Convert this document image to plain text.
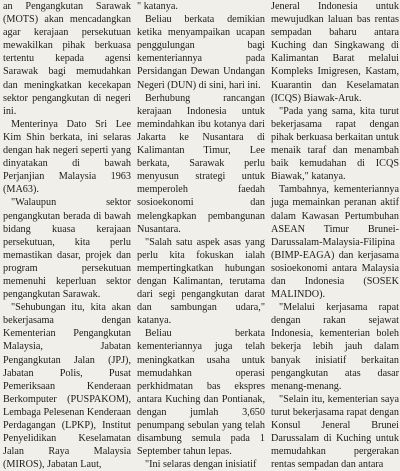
an Pengangkutan Sarawak (MOTS) akan mencadangkan agar kerajaan persekutuan mewakilkan pihak berkuasa tertentu kepada agensi Sarawak bagi memudahkan dan meningkatkan kecekapan sektor pengangkutan di negeri ini.

Menterinya Dato Sri Lee Kim Shin berkata, ini selaras dengan hak negeri seperti yang dinyatakan di bawah Perjanjian Malaysia 1963 (MA63).

"Walaupun sektor pengangkutan berada di bawah bidang kuasa kerajaan persekutuan, kita perlu memastikan dasar, projek dan program persekutuan memenuhi keperluan sektor pengangkutan Sarawak.

"Sehubungan itu, kita akan bekerjasama dengan Kementerian Pengangkutan Malaysia, Jabatan Pengangkutan Jalan (JPJ), Jabatan Polis, Pusat Pemeriksaan Kenderaan Berkomputer (PUSPAKOM), Lembaga Pelesenan Kenderaan Perdagangan (LPKP), Institut Penyelidikan Keselamatan Jalan Raya Malaysia (MIROS), Jabatan Laut,

" katanya.

Beliau berkata demikian ketika menyampaikan ucapan penggulungan bagi kementeriannya pada Persidangan Dewan Undangan Negeri (DUN) di sini, hari ini.

Berhubung rancangan kerajaan Indonesia untuk memindahkan ibu kotanya dari Jakarta ke Nusantara di Kalimantan Timur, Lee berkata, Sarawak perlu menyusun strategi untuk memperoleh faedah sosioekonomi dan melengkapkan pembangunan Nusantara.

"Salah satu aspek asas yang perlu kita fokuskan ialah mempertingkatkan hubungan dengan Kalimantan, terutama dari segi pengangkutan darat dan sambungan udara," katanya.

Beliau berkata kementeriannya juga telah meningkatkan usaha untuk memudahkan operasi perkhidmatan bas ekspres antara Kuching dan Pontianak, dengan jumlah 3,650 penumpang sebulan yang telah disambung semula pada 1 September tahun lepas.

"Ini selaras dengan inisiatif

Jeneral Indonesia untuk mewujudkan laluan bas rentas sempadan baharu antara Kuching dan Singkawang di Kalimantan Barat melalui Kompleks Imigresen, Kastam, Kuarantin dan Keselamatan (ICQS) Biawak-Aruk.

"Pada yang sama, kita turut bekerjasama rapat dengan pihak berkuasa berkaitan untuk menaik taraf dan menambah baik kemudahan di ICQS Biawak," katanya.

Tambahnya, kementeriannya juga memainkan peranan aktif dalam Kawasan Pertumbuhan ASEAN Timur Brunei-Darussalam-Malaysia-Filipina (BIMP-EAGA) dan kerjasama sosioekonomi antara Malaysia dan Indonesia (SOSEK MALINDO).

"Melalui kerjasama rapat dengan rakan sejawat Indonesia, kementerian boleh bekerja lebih jauh dalam banyak inisiatif berkaitan pengangkutan atas dasar menang-menang.

"Selain itu, kementerian saya turut bekerjasama rapat dengan Konsul Jeneral Brunei Darussalam di Kuching untuk memudahkan pergerakan rentas sempadan dan antara
